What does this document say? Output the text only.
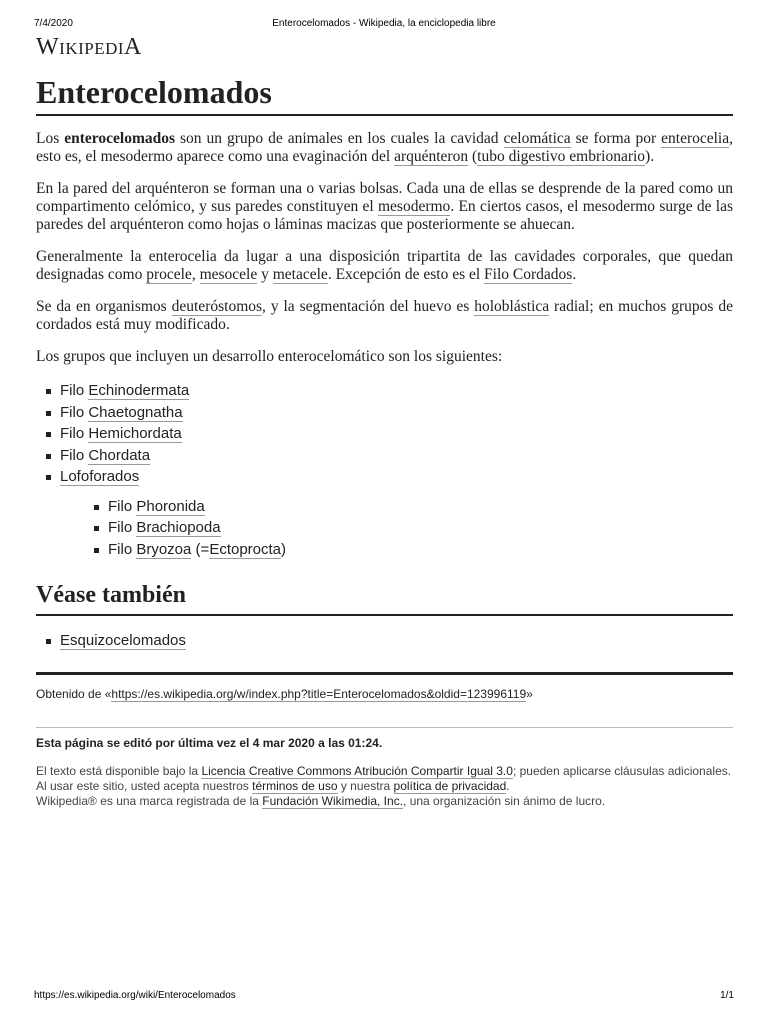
7/4/2020	Enterocelomados - Wikipedia, la enciclopedia libre
WIKIPEDIA
Enterocelomados

Los enterocelomados son un grupo de animales en los cuales la cavidad celomática se forma por enterocelia, esto es, el mesodermo aparece como una evaginación del arquénteron (tubo digestivo embrionario).

En la pared del arquénteron se forman una o varias bolsas. Cada una de ellas se desprende de la pared como un compartimento celómico, y sus paredes constituyen el mesodermo. En ciertos casos, el mesodermo surge de las paredes del arquénteron como hojas o láminas macizas que posteriormente se ahuecan.

Generalmente la enterocelia da lugar a una disposición tripartita de las cavidades corporales, que quedan designadas como procele, mesocele y metacele. Excepción de esto es el Filo Cordados.

Se da en organismos deuteróstomos, y la segmentación del huevo es holoblástica radial; en muchos grupos de cordados está muy modificado.

Los grupos que incluyen un desarrollo enterocelomático son los siguientes:

Filo Echinodermata
Filo Chaetognatha
Filo Hemichordata
Filo Chordata
Lofoforados
Filo Phoronida
Filo Brachiopoda
Filo Bryozoa (=Ectoprocta)
Véase también
Esquizocelomados
Obtenido de «https://es.wikipedia.org/w/index.php?title=Enterocelomados&oldid=123996119»
Esta página se editó por última vez el 4 mar 2020 a las 01:24.
El texto está disponible bajo la Licencia Creative Commons Atribución Compartir Igual 3.0; pueden aplicarse cláusulas adicionales. Al usar este sitio, usted acepta nuestros términos de uso y nuestra política de privacidad.
Wikipedia® es una marca registrada de la Fundación Wikimedia, Inc., una organización sin ánimo de lucro.
https://es.wikipedia.org/wiki/Enterocelomados	1/1
